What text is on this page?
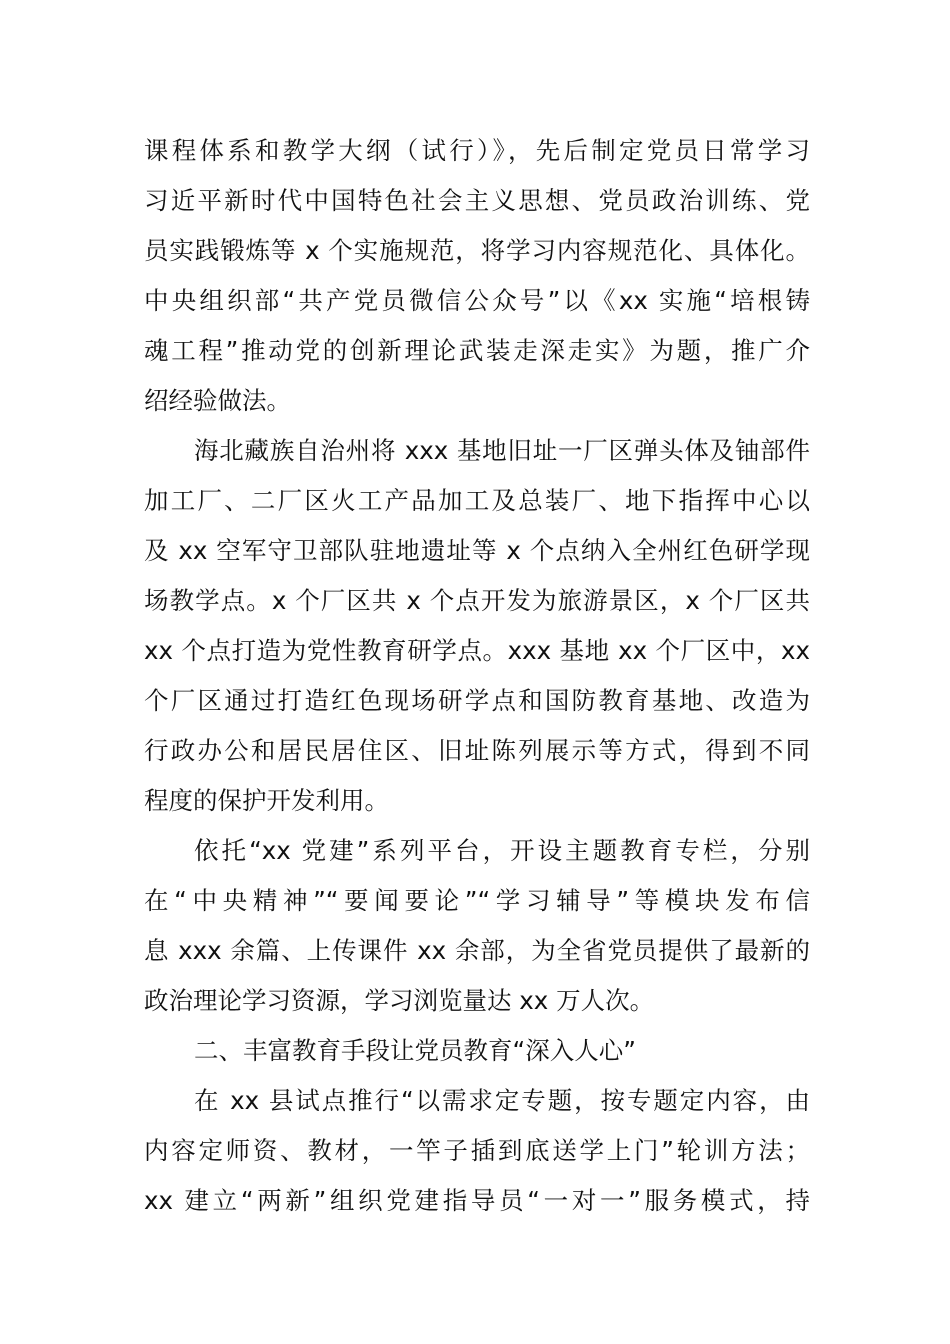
课程体系和教学大纲（试行）》，先后制定党员日常学习

习近平新时代中国特色社会主义思想、党员政治训练、党

员实践锻炼等 x 个实施规范，将学习内容规范化、具体化。

中央组织部“共产党员微信公众号”以《xx 实施“培根铸

魂工程”推动党的创新理论武装走深走实》为题，推广介

绍经验做法。

海北藏族自治州将 xxx 基地旧址一厂区弹头体及铀部件

加工厂、二厂区火工产品加工及总装厂、地下指挥中心以

及 xx 空军守卫部队驻地遗址等 x 个点纳入全州红色研学现

场教学点。x 个厂区共 x 个点开发为旅游景区，x 个厂区共

xx 个点打造为党性教育研学点。xxx 基地 xx 个厂区中，xx

个厂区通过打造红色现场研学点和国防教育基地、改造为

行政办公和居民居住区、旧址陈列展示等方式，得到不同

程度的保护开发利用。

依托“xx 党建”系列平台，开设主题教育专栏，分别

在“中央精神”“要闻要论”“学习辅导”等模块发布信

息 xxx 余篇、上传课件 xx 余部，为全省党员提供了最新的

政治理论学习资源，学习浏览量达 xx 万人次。

二、丰富教育手段让党员教育“深入人心”

在 xx 县试点推行“以需求定专题，按专题定内容，由

内容定师资、教材，一竿子插到底送学上门”轮训方法；

xx 建立“两新”组织党建指导员“一对一”服务模式，持
